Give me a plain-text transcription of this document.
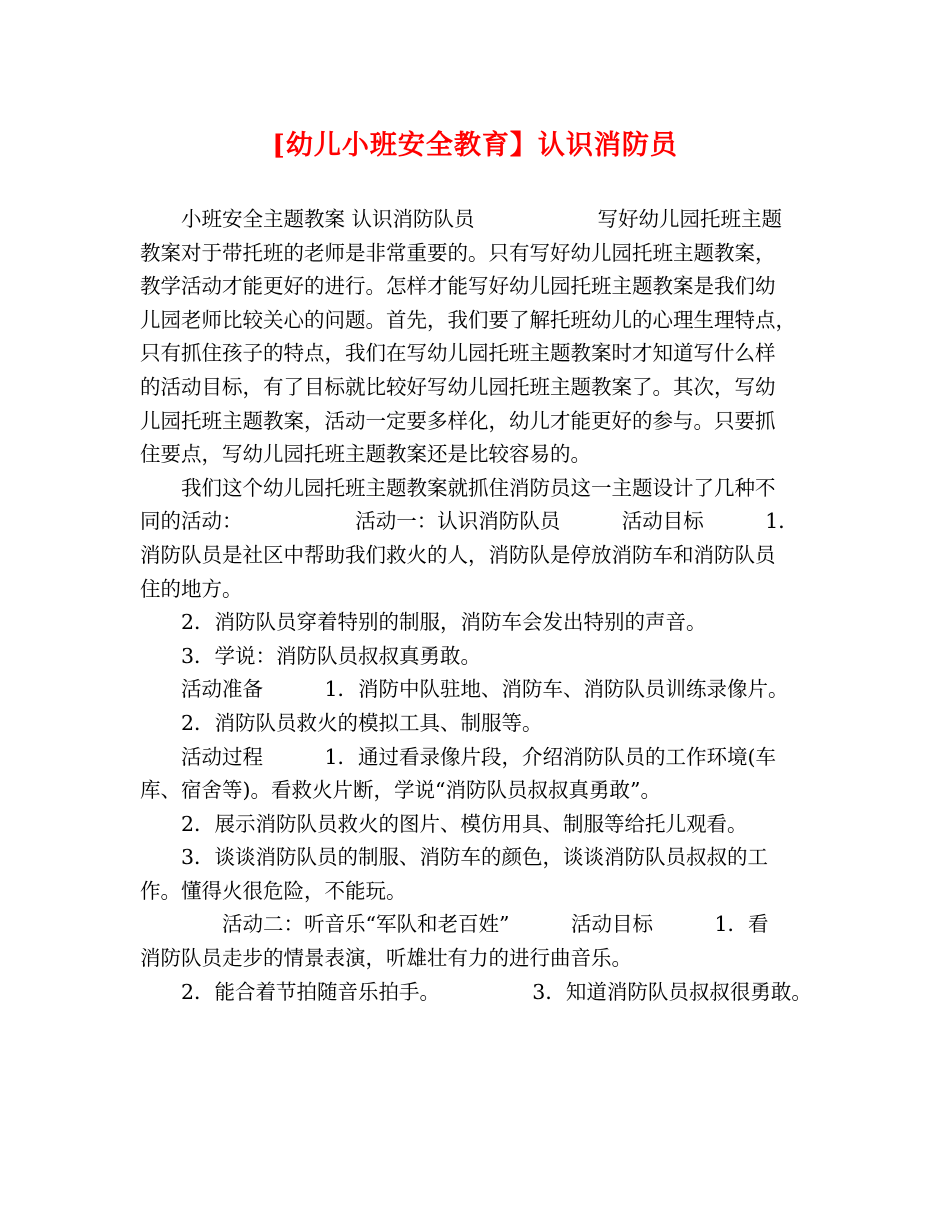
[幼儿小班安全教育】认识消防员
　　小班安全主题教案 认识消防队员　　　　　　写好幼儿园托班主题
教案对于带托班的老师是非常重要的。只有写好幼儿园托班主题教案，
教学活动才能更好的进行。怎样才能写好幼儿园托班主题教案是我们幼
儿园老师比较关心的问题。首先，我们要了解托班幼儿的心理生理特点，
只有抓住孩子的特点，我们在写幼儿园托班主题教案时才知道写什么样
的活动目标，有了目标就比较好写幼儿园托班主题教案了。其次，写幼
儿园托班主题教案，活动一定要多样化，幼儿才能更好的参与。只要抓
住要点，写幼儿园托班主题教案还是比较容易的。
　　我们这个幼儿园托班主题教案就抓住消防员这一主题设计了几种不
同的活动：　　　　　　活动一：认识消防队员　　　活动目标　　　1．
消防队员是社区中帮助我们救火的人，消防队是停放消防车和消防队员
住的地方。
　　2．消防队员穿着特别的制服，消防车会发出特别的声音。
　　3．学说：消防队员叔叔真勇敢。
　　活动准备　　　1．消防中队驻地、消防车、消防队员训练录像片。
　　2．消防队员救火的模拟工具、制服等。
　　活动过程　　　1．通过看录像片段，介绍消防队员的工作环境(车
库、宿舍等)。看救火片断，学说“消防队员叔叔真勇敢”。
　　2．展示消防队员救火的图片、模仿用具、制服等给托儿观看。
　　3．谈谈消防队员的制服、消防车的颜色，谈谈消防队员叔叔的工
作。懂得火很危险，不能玩。
　　　　活动二：听音乐“军队和老百姓”　　　活动目标　　　1．看
消防队员走步的情景表演，听雄壮有力的进行曲音乐。
　　2．能合着节拍随音乐拍手。　　　　　3．知道消防队员叔叔很勇敢。
